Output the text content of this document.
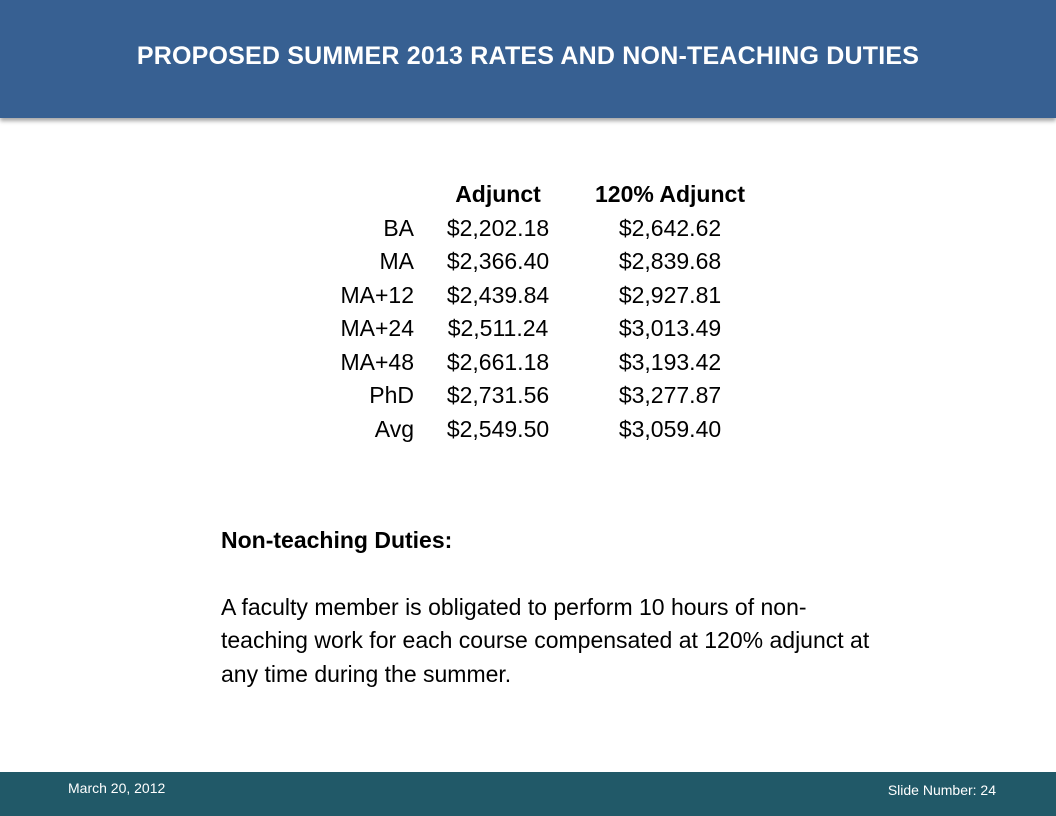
PROPOSED SUMMER 2013 RATES AND NON-TEACHING DUTIES
	Adjunct	120% Adjunct
BA	$2,202.18	$2,642.62
MA	$2,366.40	$2,839.68
MA+12	$2,439.84	$2,927.81
MA+24	$2,511.24	$3,013.49
MA+48	$2,661.18	$3,193.42
PhD	$2,731.56	$3,277.87
Avg	$2,549.50	$3,059.40

Non-teaching Duties:

A faculty member is obligated to perform 10 hours of non-teaching work for each course compensated at 120% adjunct at any time during the summer.

March 20, 2012	Slide Number: 24
